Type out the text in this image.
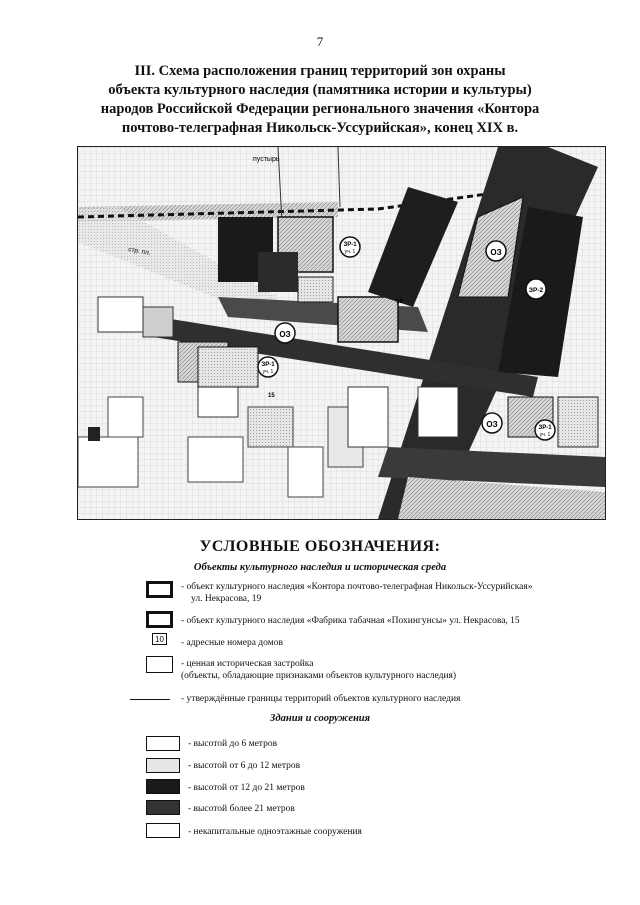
7
III. Схема расположения границ территорий зон охраны
объекта культурного наследия (памятника истории и культуры)
народов Российской Федерации регионального значения «Контора
почтово-телеграфная Никольск-Уссурийская», конец XIX в.
ОЗ
ОЗ
ОЗ
ЗР-2
ЗР-1
уч. 1
ЗР-1
уч. 1
ЗР-1
уч. 1
пустырь
стр. пл.
19
15
УСЛОВНЫЕ ОБОЗНАЧЕНИЯ:
Объекты культурного наследия и историческая среда
- объект культурного наследия «Контора почтово-телеграфная Никольск-Уссурийская»
ул. Некрасова, 19
- объект культурного наследия «Фабрика табачная «Похингунсы» ул. Некрасова, 15
10	- адресные номера домов
- ценная историческая застройка
(объекты, обладающие признаками объектов культурного наследия)
- утверждённые границы территорий объектов культурного наследия
Здания и сооружения
- высотой до 6 метров
- высотой от 6 до 12 метров
- высотой от 12 до 21 метров
- высотой более 21 метров
- некапитальные одноэтажные сооружения
